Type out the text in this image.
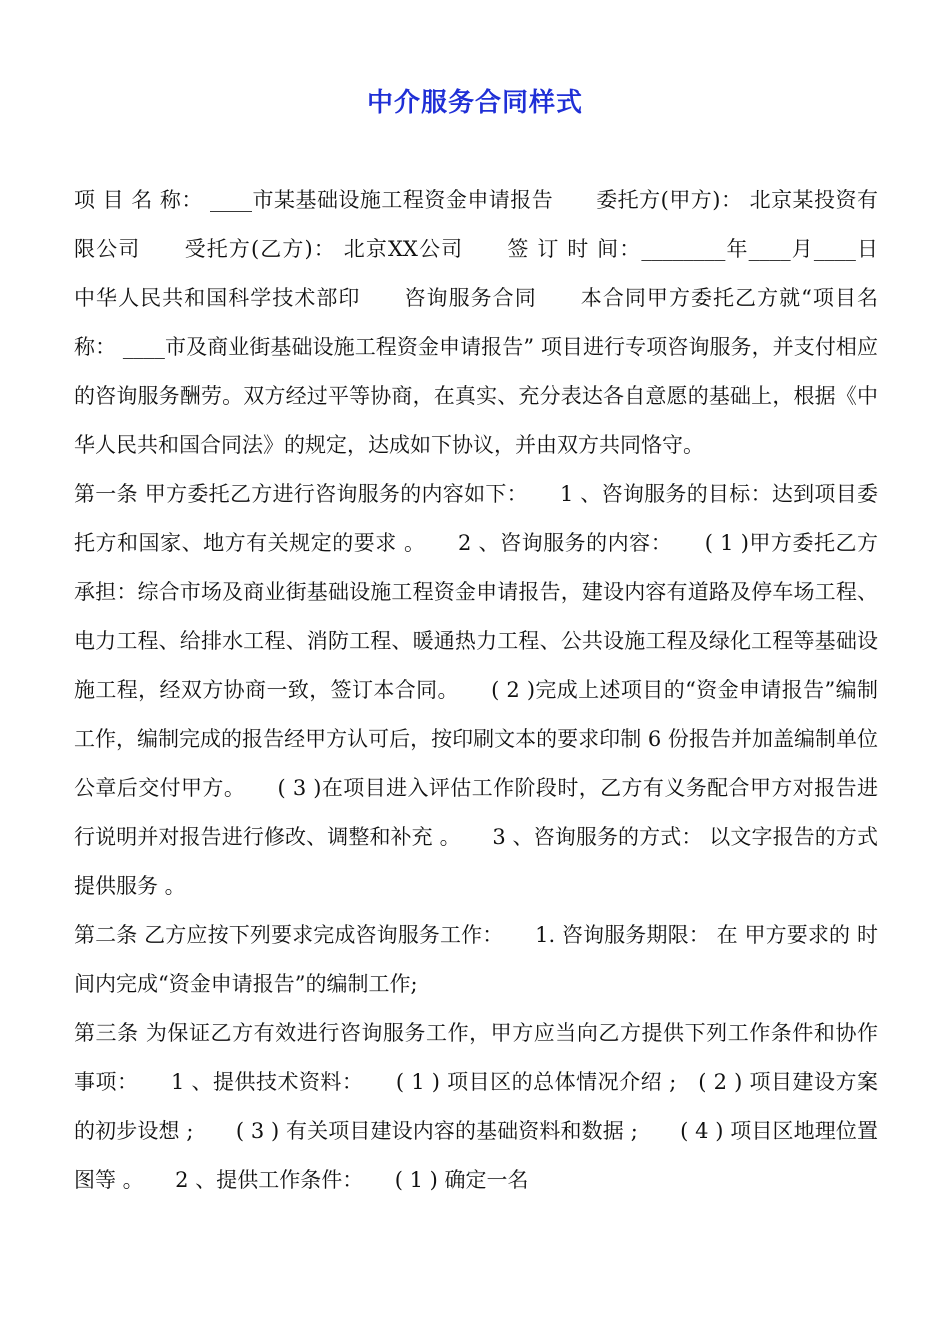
中介服务合同样式

项 目 名 称： ____市某基础设施工程资金申请报告　　委托方(甲方)： 北京某投资有限公司　　受托方(乙方)： 北京XX公司　　签 订 时 间：________年____月____日　　中华人民共和国科学技术部印　　咨询服务合同　　本合同甲方委托乙方就“项目名称： ____市及商业街基础设施工程资金申请报告” 项目进行专项咨询服务，并支付相应的咨询服务酬劳。双方经过平等协商，在真实、充分表达各自意愿的基础上，根据《中华人民共和国合同法》的规定，达成如下协议，并由双方共同恪守。

第一条 甲方委托乙方进行咨询服务的内容如下：　　1 、咨询服务的目标：达到项目委托方和国家、地方有关规定的要求 。　　2 、咨询服务的内容：　　( 1 )甲方委托乙方承担：综合市场及商业街基础设施工程资金申请报告，建设内容有道路及停车场工程、电力工程、给排水工程、消防工程、暖通热力工程、公共设施工程及绿化工程等基础设施工程，经双方协商一致，签订本合同。　　( 2 )完成上述项目的“资金申请报告”编制工作，编制完成的报告经甲方认可后，按印刷文本的要求印制 6 份报告并加盖编制单位公章后交付甲方。　　( 3 )在项目进入评估工作阶段时，乙方有义务配合甲方对报告进行说明并对报告进行修改、调整和补充 。　　3 、咨询服务的方式： 以文字报告的方式提供服务 。

第二条 乙方应按下列要求完成咨询服务工作：　　1. 咨询服务期限： 在 甲方要求的 时间内完成“资金申请报告”的编制工作;

第三条 为保证乙方有效进行咨询服务工作，甲方应当向乙方提供下列工作条件和协作事项：　　1 、提供技术资料：　　( 1 ) 项目区的总体情况介绍 ;　( 2 ) 项目建设方案的初步设想 ;　　( 3 ) 有关项目建设内容的基础资料和数据 ;　　( 4 ) 项目区地理位置图等 。　　2 、提供工作条件：　　( 1 ) 确定一名
